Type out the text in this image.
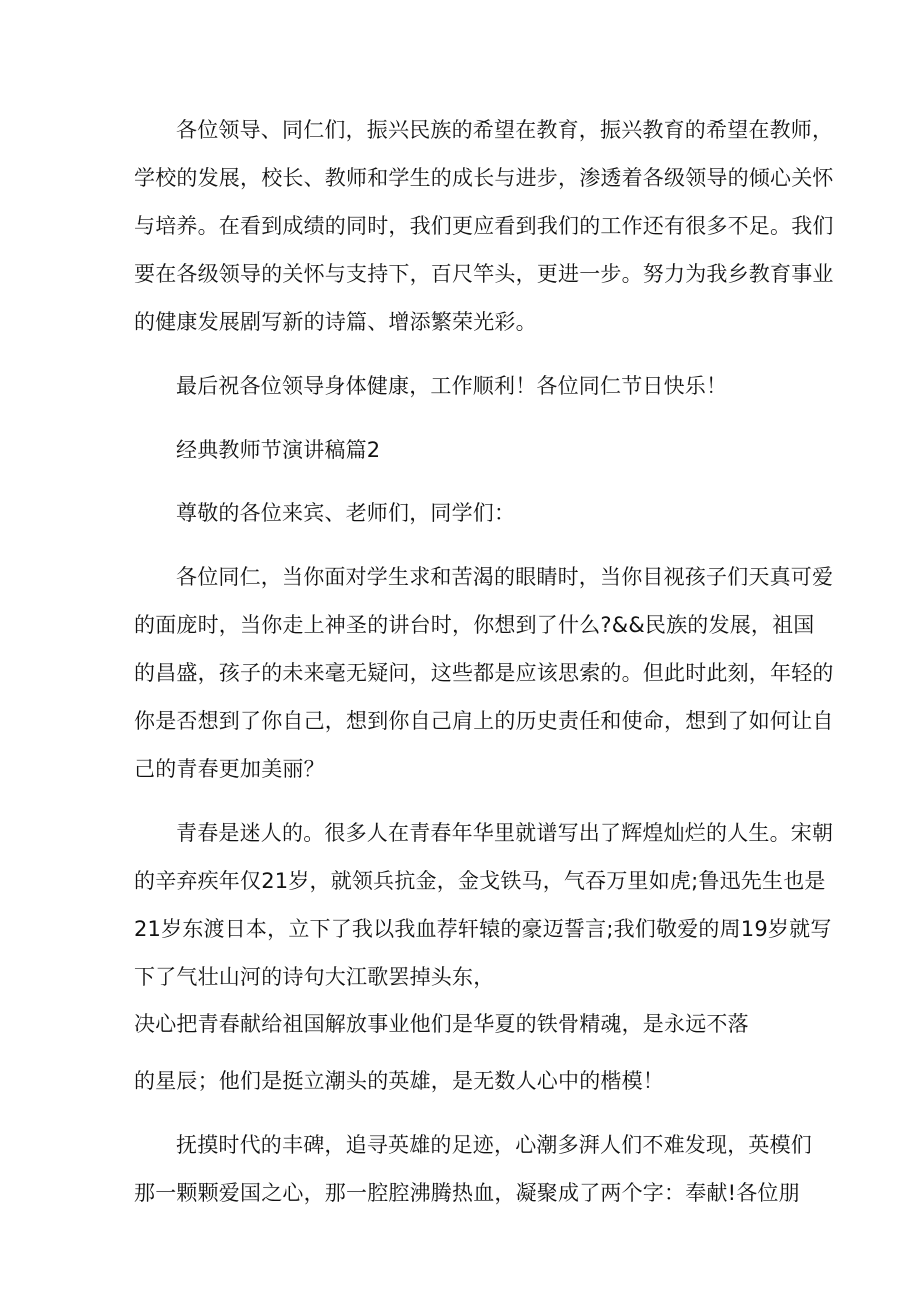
各位领导、同仁们，振兴民族的希望在教育，振兴教育的希望在教师，
学校的发展，校长、教师和学生的成长与进步，渗透着各级领导的倾心关怀
与培养。在看到成绩的同时，我们更应看到我们的工作还有很多不足。我们
要在各级领导的关怀与支持下，百尺竿头，更进一步。努力为我乡教育事业
的健康发展剧写新的诗篇、增添繁荣光彩。
最后祝各位领导身体健康，工作顺利！各位同仁节日快乐！
经典教师节演讲稿篇2
尊敬的各位来宾、老师们，同学们：
各位同仁，当你面对学生求和苦渴的眼睛时，当你目视孩子们天真可爱
的面庞时，当你走上神圣的讲台时，你想到了什么?&&民族的发展，祖国
的昌盛，孩子的未来毫无疑问，这些都是应该思索的。但此时此刻，年轻的
你是否想到了你自己，想到你自己肩上的历史责任和使命，想到了如何让自
己的青春更加美丽？
青春是迷人的。很多人在青春年华里就谱写出了辉煌灿烂的人生。宋朝
的辛弃疾年仅21岁，就领兵抗金，金戈铁马，气吞万里如虎;鲁迅先生也是
21岁东渡日本，立下了我以我血荐轩辕的豪迈誓言;我们敬爱的周19岁就写
下了气壮山河的诗句大江歌罢掉头东，
决心把青春献给祖国解放事业他们是华夏的铁骨精魂，是永远不落
的星辰；他们是挺立潮头的英雄，是无数人心中的楷模！
抚摸时代的丰碑，追寻英雄的足迹，心潮多湃人们不难发现，英模们
那一颗颗爱国之心，那一腔腔沸腾热血，凝聚成了两个字：奉献!各位朋
